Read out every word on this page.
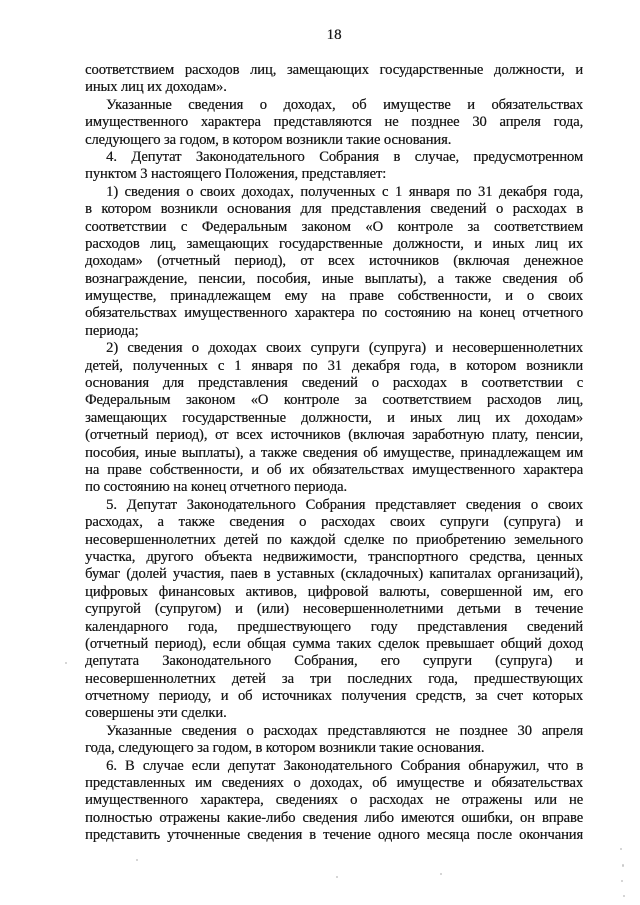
18
соответствием расходов лиц, замещающих государственные должности, и
иных лиц их доходам».
Указанные сведения о доходах, об имуществе и обязательствах
имущественного характера представляются не позднее 30 апреля года,
следующего за годом, в котором возникли такие основания.
4. Депутат Законодательного Собрания в случае, предусмотренном
пунктом 3 настоящего Положения, представляет:
1) сведения о своих доходах, полученных с 1 января по 31 декабря года,
в котором возникли основания для представления сведений о расходах в
соответствии с Федеральным законом «О контроле за соответствием
расходов лиц, замещающих государственные должности, и иных лиц их
доходам» (отчетный период), от всех источников (включая денежное
вознаграждение, пенсии, пособия, иные выплаты), а также сведения об
имуществе, принадлежащем ему на праве собственности, и о своих
обязательствах имущественного характера по состоянию на конец отчетного
периода;
2) сведения о доходах своих супруги (супруга) и несовершеннолетних
детей, полученных с 1 января по 31 декабря года, в котором возникли
основания для представления сведений о расходах в соответствии с
Федеральным законом «О контроле за соответствием расходов лиц,
замещающих государственные должности, и иных лиц их доходам»
(отчетный период), от всех источников (включая заработную плату, пенсии,
пособия, иные выплаты), а также сведения об имуществе, принадлежащем им
на праве собственности, и об их обязательствах имущественного характера
по состоянию на конец отчетного периода.
5. Депутат Законодательного Собрания представляет сведения о своих
расходах, а также сведения о расходах своих супруги (супруга) и
несовершеннолетних детей по каждой сделке по приобретению земельного
участка, другого объекта недвижимости, транспортного средства, ценных
бумаг (долей участия, паев в уставных (складочных) капиталах организаций),
цифровых финансовых активов, цифровой валюты, совершенной им, его
супругой (супругом) и (или) несовершеннолетними детьми в течение
календарного года, предшествующего году представления сведений
(отчетный период), если общая сумма таких сделок превышает общий доход
депутата Законодательного Собрания, его супруги (супруга) и
несовершеннолетних детей за три последних года, предшествующих
отчетному периоду, и об источниках получения средств, за счет которых
совершены эти сделки.
Указанные сведения о расходах представляются не позднее 30 апреля
года, следующего за годом, в котором возникли такие основания.
6. В случае если депутат Законодательного Собрания обнаружил, что в
представленных им сведениях о доходах, об имуществе и обязательствах
имущественного характера, сведениях о расходах не отражены или не
полностью отражены какие-либо сведения либо имеются ошибки, он вправе
представить уточненные сведения в течение одного месяца после окончания
